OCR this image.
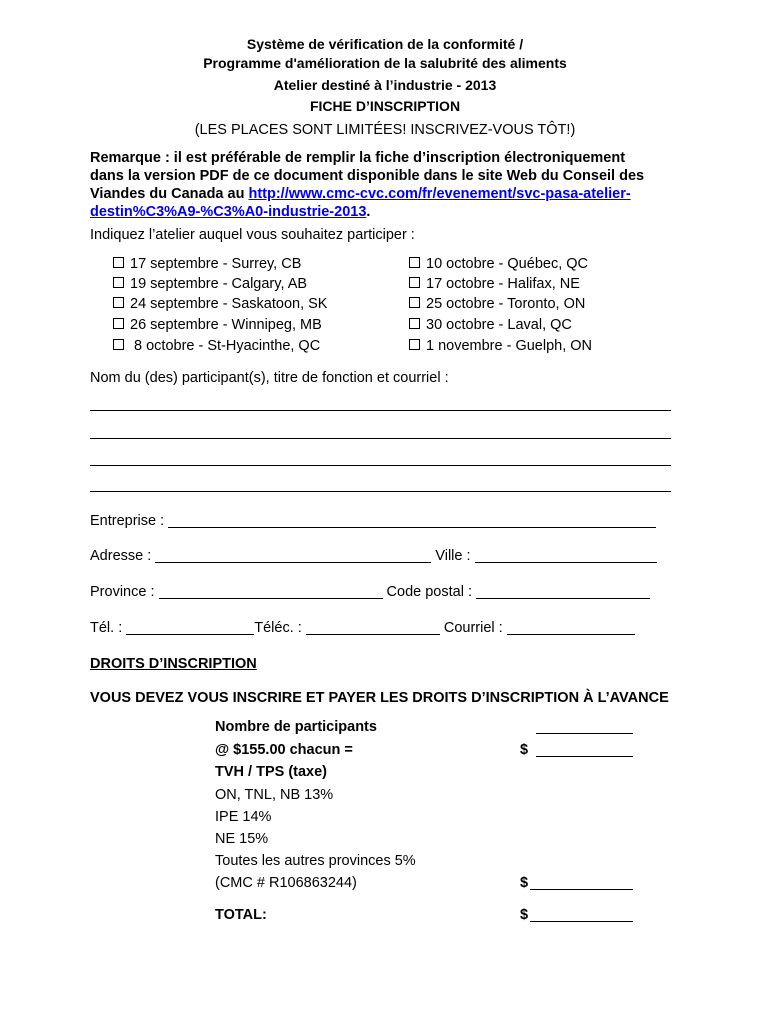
Système de vérification de la conformité /
Programme d'amélioration de la salubrité des aliments
Atelier destiné à l’industrie - 2013
FICHE D’INSCRIPTION
(LES PLACES SONT LIMITÉES! INSCRIVEZ-VOUS TÔT!)
Remarque : il est préférable de remplir la fiche d’inscription électroniquement
dans la version PDF de ce document disponible dans le site Web du Conseil des
Viandes du Canada au http://www.cmc-cvc.com/fr/evenement/svc-pasa-atelier-
destin%C3%A9-%C3%A0-industrie-2013.
Indiquez l’atelier auquel vous souhaitez participer :
17 septembre - Surrey, CB
19 septembre - Calgary, AB
24 septembre - Saskatoon, SK
26 septembre - Winnipeg, MB
8 octobre - St-Hyacinthe, QC
10 octobre - Québec, QC
17 octobre - Halifax, NE
25 octobre - Toronto, ON
30 octobre - Laval, QC
1 novembre - Guelph, ON
Nom du (des) participant(s), titre de fonction et courriel :
Entreprise :
Adresse :	Ville :
Province :	Code postal :
Tél. :	Téléc. :	Courriel :
DROITS D’INSCRIPTION
VOUS DEVEZ VOUS INSCRIRE ET PAYER LES DROITS D’INSCRIPTION À L’AVANCE
Nombre de participants
@ $155.00 chacun =	$
TVH / TPS (taxe)
ON, TNL, NB 13%
IPE 14%
NE 15%
Toutes les autres provinces 5%
(CMC # R106863244)	$
TOTAL:	$
